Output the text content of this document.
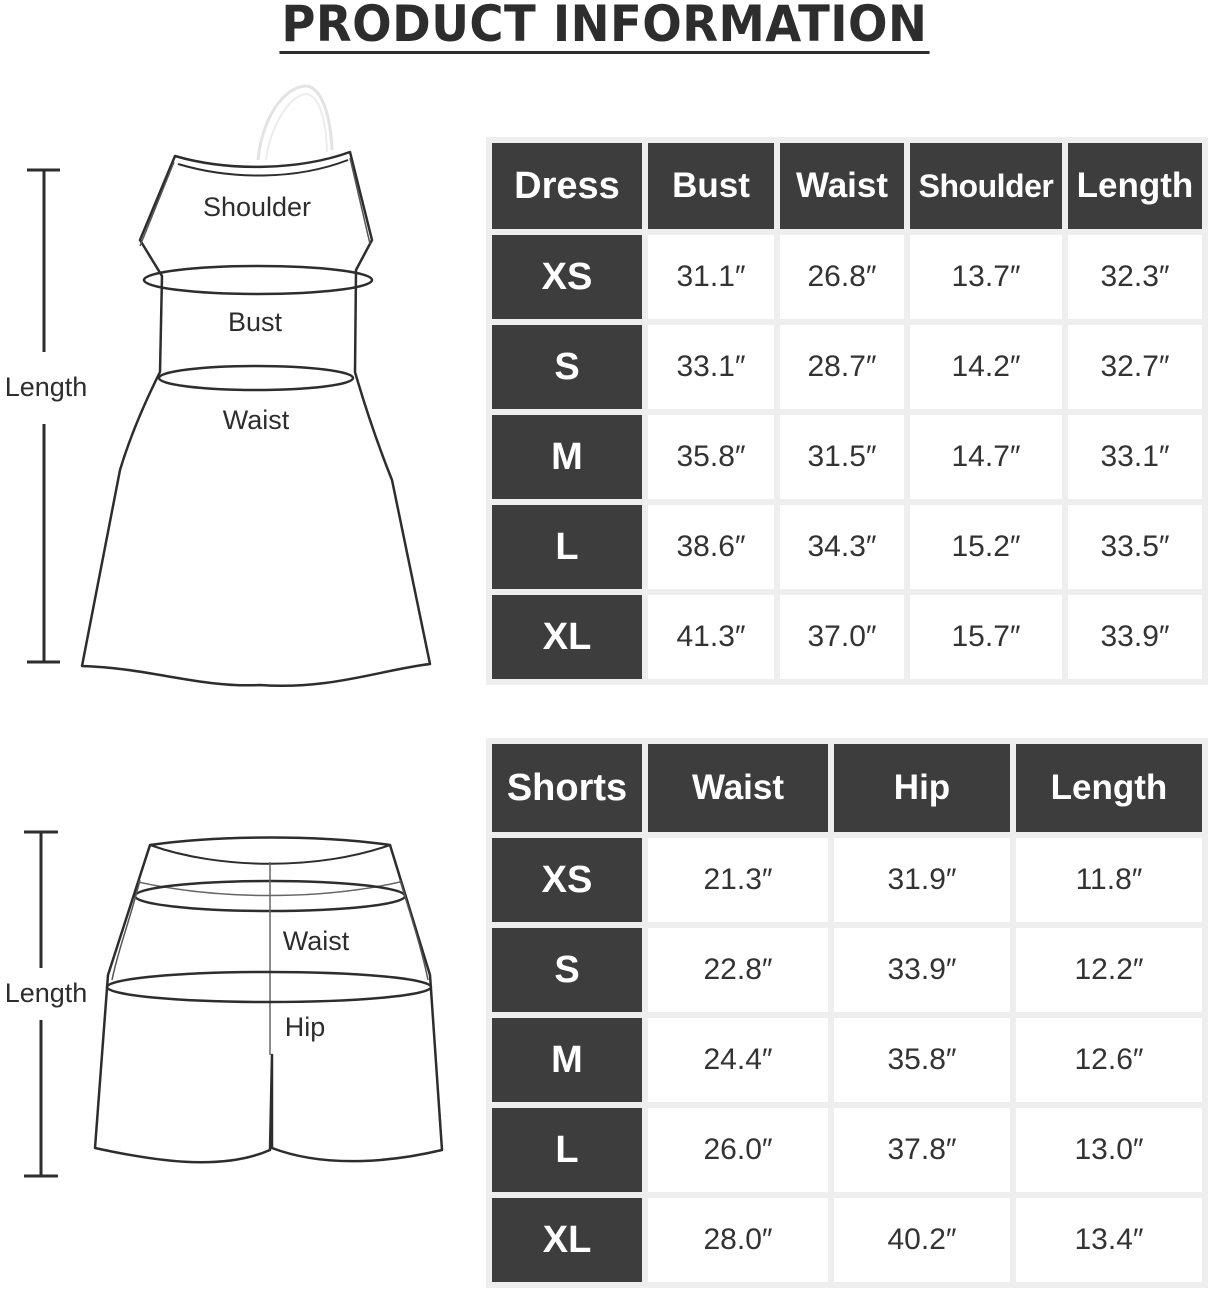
PRODUCT INFORMATION
Shoulder
Bust
Waist
Length
Waist
Hip
Length
Dress	Bust	Waist	Shoulder	Length
XS	31.1″	26.8″	13.7″	32.3″
S	33.1″	28.7″	14.2″	32.7″
M	35.8″	31.5″	14.7″	33.1″
L	38.6″	34.3″	15.2″	33.5″
XL	41.3″	37.0″	15.7″	33.9″
Shorts	Waist	Hip	Length
XS	21.3″	31.9″	11.8″
S	22.8″	33.9″	12.2″
M	24.4″	35.8″	12.6″
L	26.0″	37.8″	13.0″
XL	28.0″	40.2″	13.4″
